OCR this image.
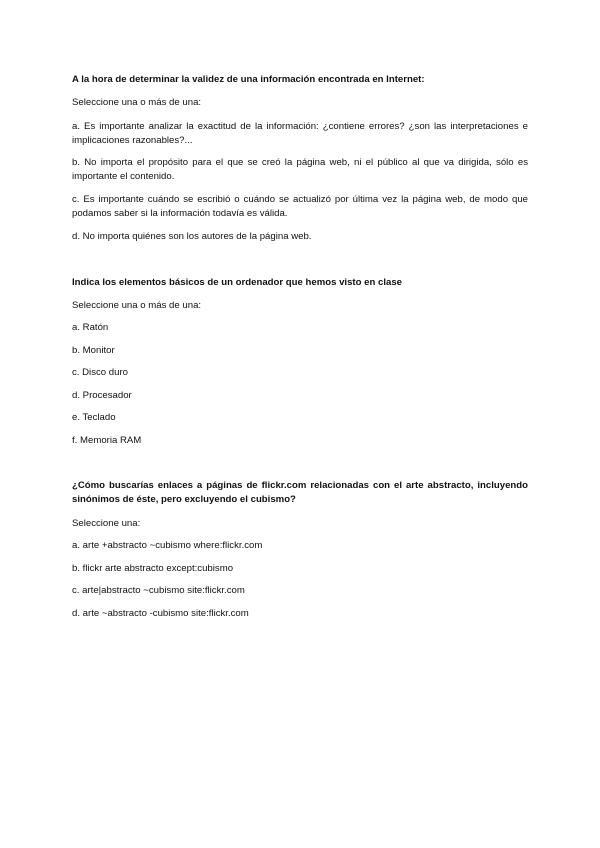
A la hora de determinar la validez de una información encontrada en Internet:
Seleccione una o más de una:
a. Es importante analizar la exactitud de la información: ¿contiene errores? ¿son las interpretaciones e implicaciones razonables?...
b. No importa el propósito para el que se creó la página web, ni el público al que va dirigida, sólo es importante el contenido.
c. Es importante cuándo se escribió o cuándo se actualizó por última vez la página web, de modo que podamos saber si la información todavía es válida.
d. No importa quiénes son los autores de la página web.
Indica los elementos básicos de un ordenador que hemos visto en clase
Seleccione una o más de una:
a. Ratón
b. Monitor
c. Disco duro
d. Procesador
e. Teclado
f. Memoria RAM
¿Cómo buscarías enlaces a páginas de flickr.com relacionadas con el arte abstracto, incluyendo sinónimos de éste, pero excluyendo el cubismo?
Seleccione una:
a. arte +abstracto ~cubismo where:flickr.com
b. flickr arte abstracto except:cubismo
c. arte|abstracto ~cubismo site:flickr.com
d. arte ~abstracto -cubismo site:flickr.com
